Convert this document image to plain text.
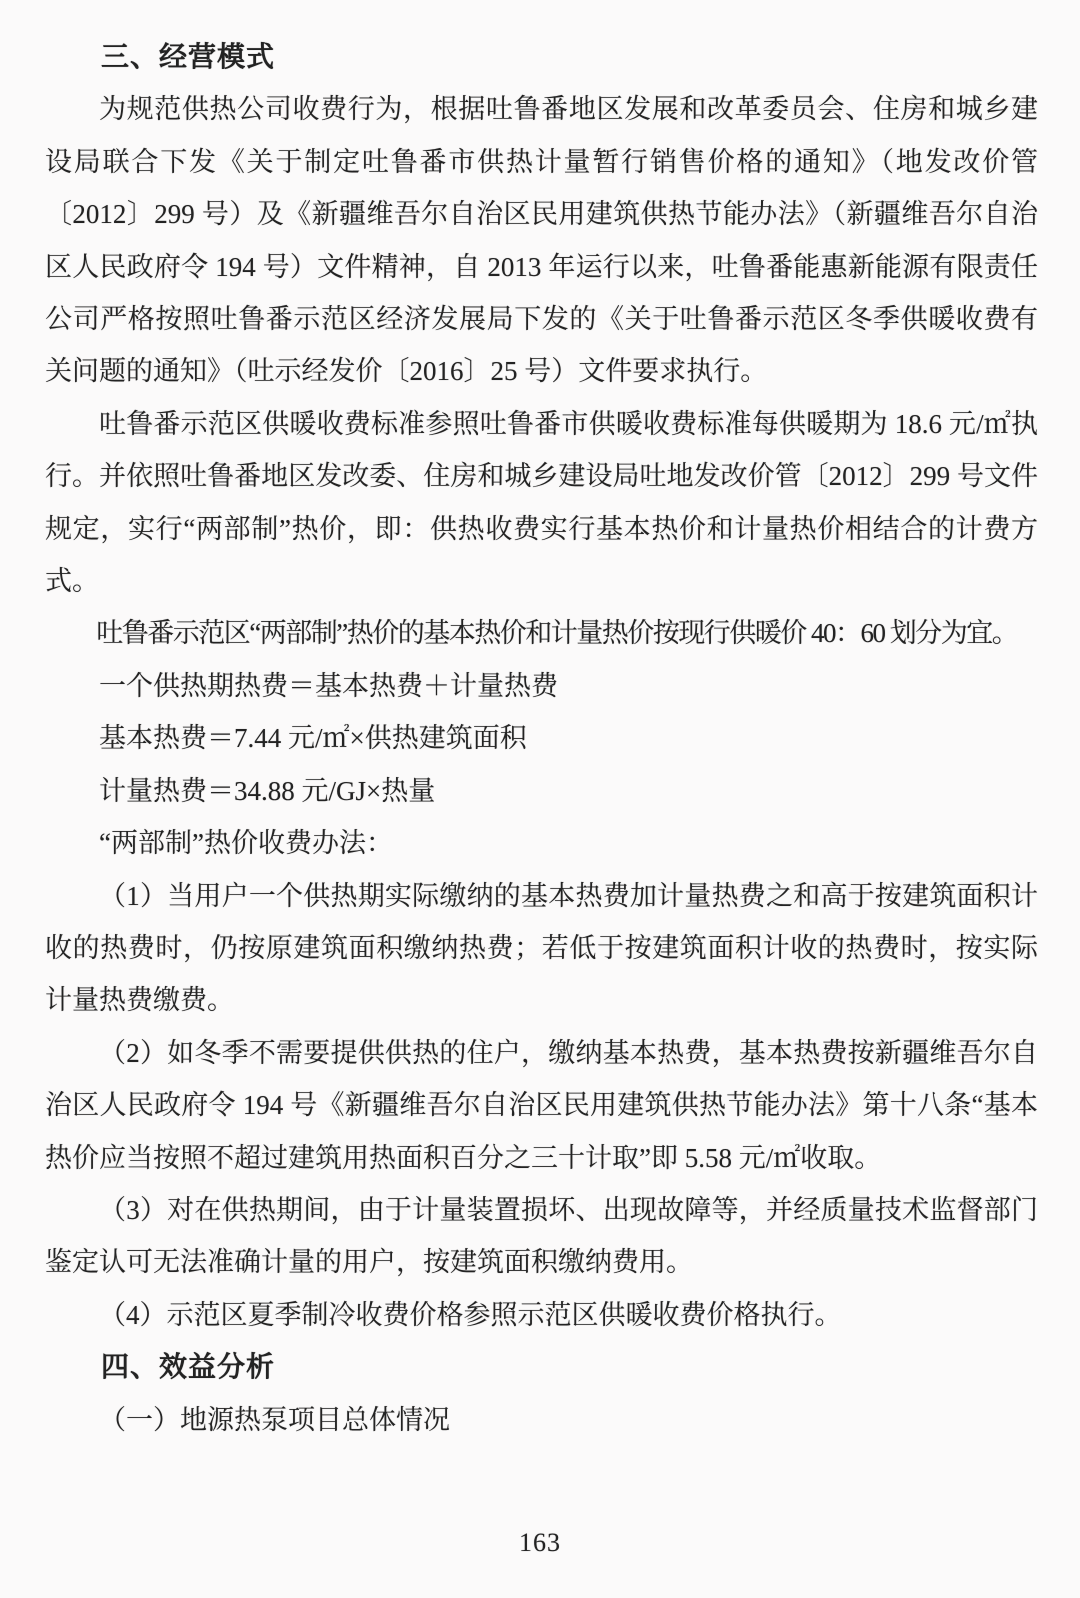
三、经营模式

为规范供热公司收费行为，根据吐鲁番地区发展和改革委员会、住房和城乡建设局联合下发《关于制定吐鲁番市供热计量暂行销售价格的通知》（地发改价管〔2012〕299 号）及《新疆维吾尔自治区民用建筑供热节能办法》（新疆维吾尔自治区人民政府令 194 号）文件精神，自 2013 年运行以来，吐鲁番能惠新能源有限责任公司严格按照吐鲁番示范区经济发展局下发的《关于吐鲁番示范区冬季供暖收费有关问题的通知》（吐示经发价〔2016〕25 号）文件要求执行。

吐鲁番示范区供暖收费标准参照吐鲁番市供暖收费标准每供暖期为 18.6 元/㎡执行。并依照吐鲁番地区发改委、住房和城乡建设局吐地发改价管〔2012〕299 号文件规定，实行“两部制”热价，即：供热收费实行基本热价和计量热价相结合的计费方式。

吐鲁番示范区“两部制”热价的基本热价和计量热价按现行供暖价 40：60 划分为宜。

一个供热期热费＝基本热费＋计量热费

基本热费＝7.44 元/㎡×供热建筑面积

计量热费＝34.88 元/GJ×热量

“两部制”热价收费办法：

（1）当用户一个供热期实际缴纳的基本热费加计量热费之和高于按建筑面积计收的热费时，仍按原建筑面积缴纳热费；若低于按建筑面积计收的热费时，按实际计量热费缴费。

（2）如冬季不需要提供供热的住户，缴纳基本热费，基本热费按新疆维吾尔自治区人民政府令 194 号《新疆维吾尔自治区民用建筑供热节能办法》第十八条“基本热价应当按照不超过建筑用热面积百分之三十计取”即 5.58 元/㎡收取。

（3）对在供热期间，由于计量装置损坏、出现故障等，并经质量技术监督部门鉴定认可无法准确计量的用户，按建筑面积缴纳费用。

（4）示范区夏季制冷收费价格参照示范区供暖收费价格执行。

四、效益分析

（一）地源热泵项目总体情况

163
